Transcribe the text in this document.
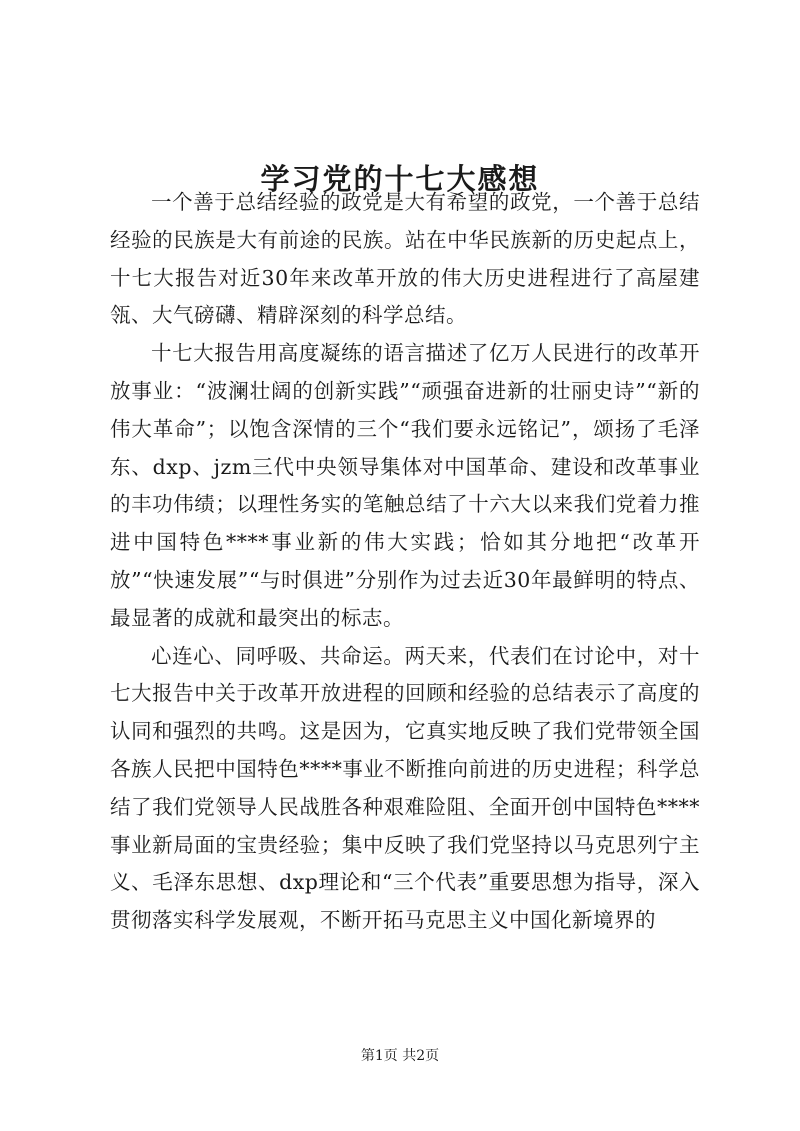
学习党的十七大感想

一个善于总结经验的政党是大有希望的政党，一个善于总结经验的民族是大有前途的民族。站在中华民族新的历史起点上，十七大报告对近30年来改革开放的伟大历史进程进行了高屋建瓴、大气磅礴、精辟深刻的科学总结。

十七大报告用高度凝练的语言描述了亿万人民进行的改革开放事业：“波澜壮阔的创新实践”“顽强奋进新的壮丽史诗”“新的伟大革命”；以饱含深情的三个“我们要永远铭记”，颂扬了毛泽东、dxp、jzm三代中央领导集体对中国革命、建设和改革事业的丰功伟绩；以理性务实的笔触总结了十六大以来我们党着力推进中国特色****事业新的伟大实践；恰如其分地把“改革开放”“快速发展”“与时俱进”分别作为过去近30年最鲜明的特点、最显著的成就和最突出的标志。

心连心、同呼吸、共命运。两天来，代表们在讨论中，对十七大报告中关于改革开放进程的回顾和经验的总结表示了高度的认同和强烈的共鸣。这是因为，它真实地反映了我们党带领全国各族人民把中国特色****事业不断推向前进的历史进程；科学总结了我们党领导人民战胜各种艰难险阻、全面开创中国特色****事业新局面的宝贵经验；集中反映了我们党坚持以马克思列宁主义、毛泽东思想、dxp理论和“三个代表”重要思想为指导，深入贯彻落实科学发展观，不断开拓马克思主义中国化新境界的

第1页 共2页
